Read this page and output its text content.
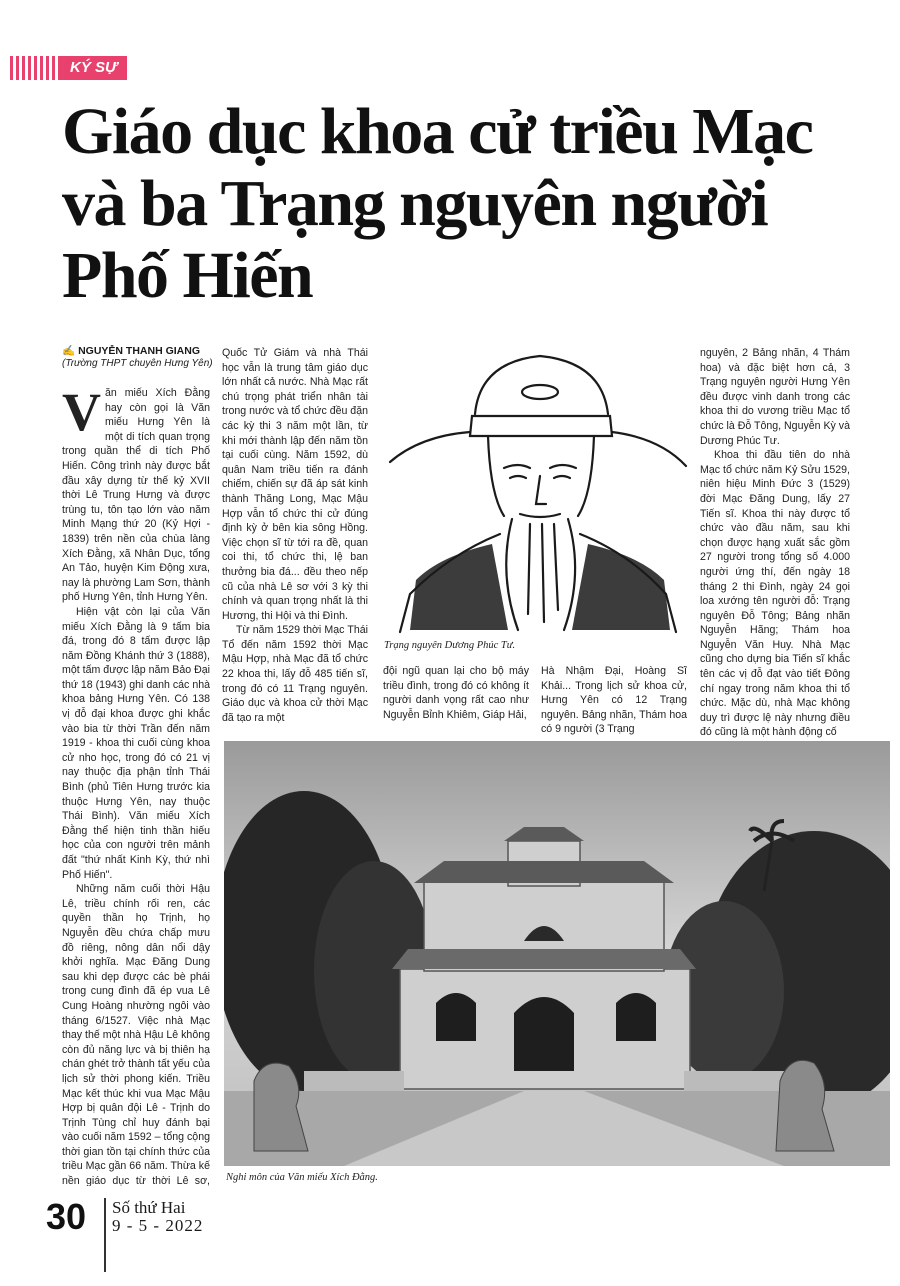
KÝ SỰ
Giáo dục khoa cử triều Mạc và ba Trạng nguyên người Phố Hiến
✍ NGUYỄN THANH GIANG
(Trường THPT chuyên Hưng Yên)

Văn miếu Xích Đằng hay còn gọi là Văn miếu Hưng Yên là một di tích quan trọng trong quần thể di tích Phố Hiến. Công trình này được bắt đầu xây dựng từ thế kỷ XVII thời Lê Trung Hưng và được trùng tu, tôn tạo lớn vào năm Minh Mạng thứ 20 (Kỷ Hợi - 1839) trên nền của chùa làng Xích Đằng, xã Nhân Dục, tổng An Tảo, huyện Kim Động xưa, nay là phường Lam Sơn, thành phố Hưng Yên, tỉnh Hưng Yên.

Hiện vật còn lại của Văn miếu Xích Đằng là 9 tấm bia đá, trong đó 8 tấm được lập năm Đồng Khánh thứ 3 (1888), một tấm được lập năm Bảo Đại thứ 18 (1943) ghi danh các nhà khoa bảng Hưng Yên. Có 138 vị đỗ đại khoa được ghi khắc vào bia từ thời Trần đến năm 1919 - khoa thi cuối cùng khoa cử nho học, trong đó có 21 vị nay thuộc địa phận tỉnh Thái Bình (phủ Tiên Hưng trước kia thuộc Hưng Yên, nay thuộc Thái Bình). Văn miếu Xích Đằng thể hiện tinh thần hiếu học của con người trên mảnh đất "thứ nhất Kinh Kỳ, thứ nhì Phố Hiến".

Những năm cuối thời Hậu Lê, triều chính rối ren, các quyền thần họ Trịnh, họ Nguyễn đều chứa chấp mưu đồ riêng, nông dân nổi dậy khởi nghĩa. Mạc Đăng Dung sau khi dẹp được các bè phái trong cung đình đã ép vua Lê Cung Hoàng nhường ngôi vào tháng 6/1527. Việc nhà Mạc thay thế một nhà Hậu Lê không còn đủ năng lực và bị thiên hạ chán ghét trở thành tất yếu của lịch sử thời phong kiến. Triều Mạc kết thúc khi vua Mạc Mậu Hợp bị quân đội Lê - Trịnh do Trịnh Tùng chỉ huy đánh bại vào cuối năm 1592 – tổng cộng thời gian tồn tại chính thức của triều Mạc gần 66 năm. Thừa kế nền giáo dục từ thời Lê sơ,

Quốc Tử Giám và nhà Thái học vẫn là trung tâm giáo dục lớn nhất cả nước. Nhà Mạc rất chú trọng phát triển nhân tài trong nước và tổ chức đều đặn các kỳ thi 3 năm một lần, từ khi mới thành lập đến năm tồn tại cuối cùng. Năm 1592, dù quân Nam triều tiến ra đánh chiếm, chiến sự đã áp sát kinh thành Thăng Long, Mạc Mậu Hợp vẫn tổ chức thi cử đúng định kỳ ở bên kia sông Hồng. Việc chọn sĩ từ tới ra đề, quan coi thi, tổ chức thi, lệ ban thưởng bia đá... đều theo nếp cũ của nhà Lê sơ với 3 kỳ thi chính và quan trọng nhất là thi Hương, thi Hội và thi Đình.

Từ năm 1529 thời Mạc Thái Tổ đến năm 1592 thời Mạc Mậu Hợp, nhà Mạc đã tổ chức 22 khoa thi, lấy đỗ 485 tiến sĩ, trong đó có 11 Trạng nguyên. Giáo dục và khoa cử thời Mạc đã tạo ra một

Trạng nguyên Dương Phúc Tư.

đội ngũ quan lại cho bộ máy triều đình, trong đó có không ít người danh vọng rất cao như Nguyễn Bỉnh Khiêm, Giáp Hải,

Hà Nhậm Đại, Hoàng Sĩ Khải... Trong lịch sử khoa cử, Hưng Yên có 12 Trạng nguyên. Bảng nhãn, Thám hoa có 9 người (3 Trạng

nguyên, 2 Bảng nhãn, 4 Thám hoa) và đặc biệt hơn cả, 3 Trạng nguyên người Hưng Yên đều được vinh danh trong các khoa thi do vương triều Mạc tổ chức là Đỗ Tông, Nguyễn Kỳ và Dương Phúc Tư.

Khoa thi đầu tiên do nhà Mạc tổ chức năm Kỷ Sửu 1529, niên hiệu Minh Đức 3 (1529) đời Mạc Đăng Dung, lấy 27 Tiến sĩ. Khoa thi này được tổ chức vào đầu năm, sau khi chọn được hạng xuất sắc gồm 27 người trong tổng số 4.000 người ứng thí, đến ngày 18 tháng 2 thi Đình, ngày 24 gọi loa xướng tên người đỗ: Trạng nguyên Đỗ Tông; Bảng nhãn Nguyễn Hãng; Thám hoa Nguyễn Văn Huy. Nhà Mạc cũng cho dựng bia Tiến sĩ khắc tên các vị đỗ đạt vào tiết Đông chí ngay trong năm khoa thi tổ chức. Mặc dù, nhà Mạc không duy trì được lệ này nhưng điều đó cũng là một hành động cố

Nghi môn của Văn miếu Xích Đằng.
30 Số thứ Hai
9 - 5 - 2022
